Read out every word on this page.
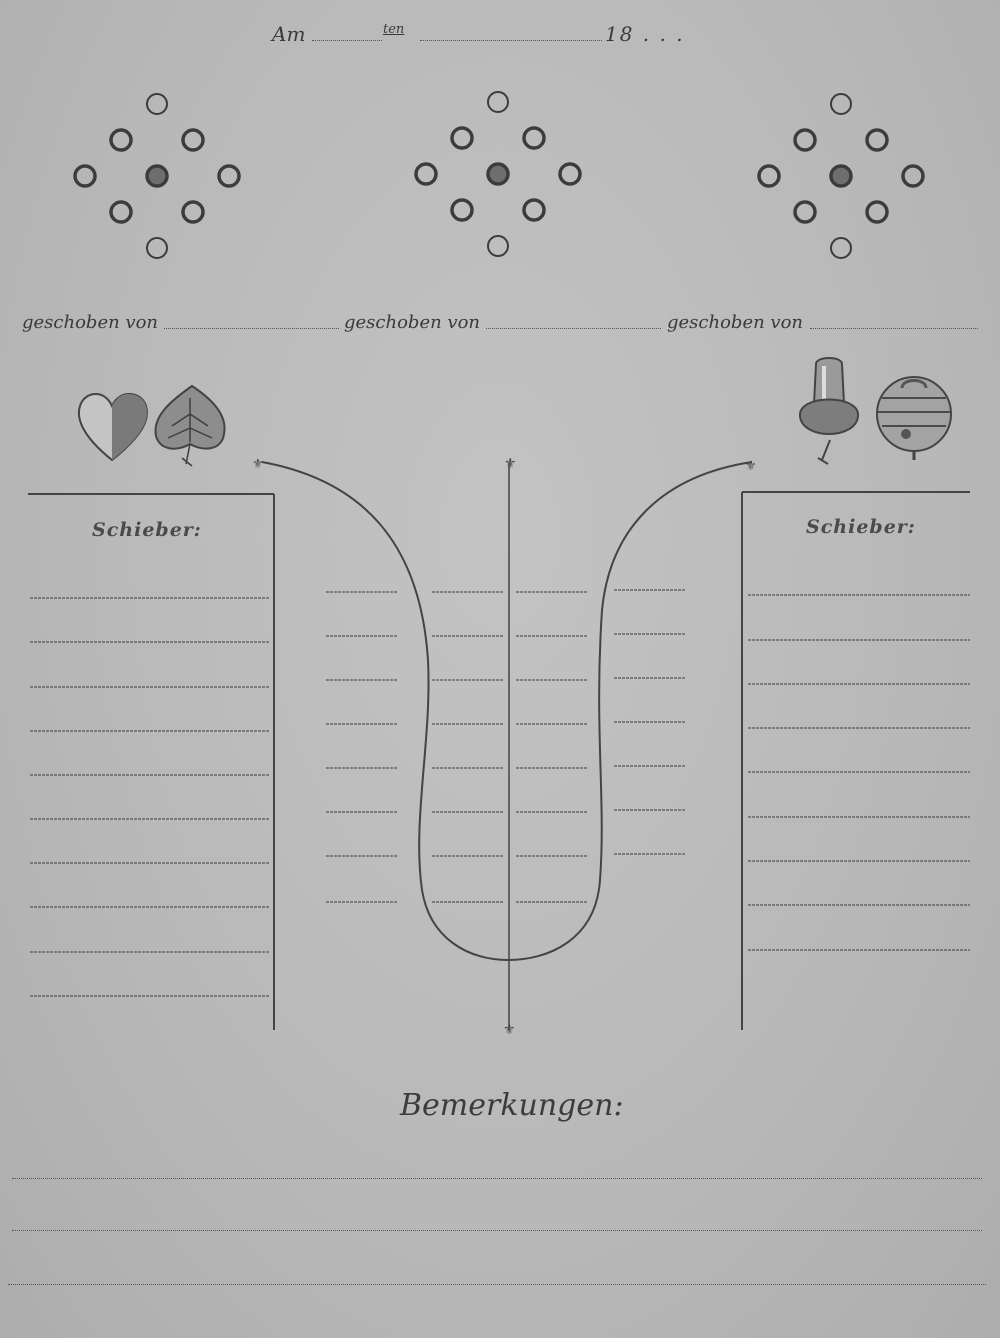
Am	ten	18 . . .
geschoben von	geschoben von	geschoben von
⚜
⚜
⚜	⚜
Schieber:	Schieber:
Bemerkungen:
